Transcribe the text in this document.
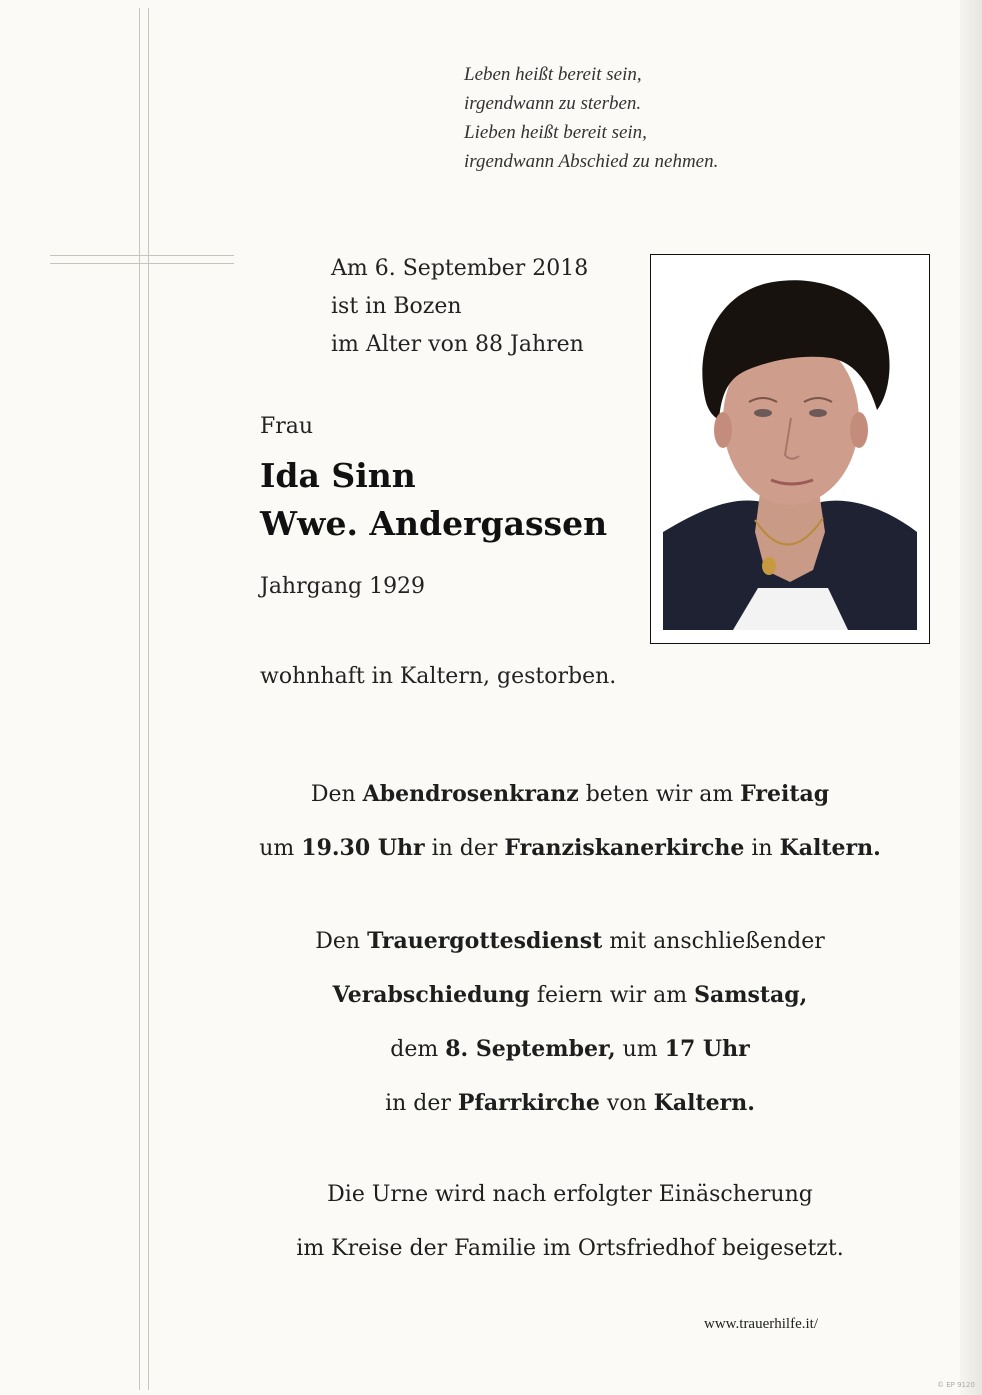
Leben heißt bereit sein,
irgendwann zu sterben.
Lieben heißt bereit sein,
irgendwann Abschied zu nehmen.
Am 6. September 2018
ist in Bozen
im Alter von 88 Jahren
Frau
Ida Sinn
Wwe. Andergassen
Jahrgang 1929
wohnhaft in Kaltern, gestorben.
Den Abendrosenkranz beten wir am Freitag
um 19.30 Uhr in der Franziskanerkirche in Kaltern.
Den Trauergottesdienst mit anschließender
Verabschiedung feiern wir am Samstag,
dem 8. September, um 17 Uhr
in der Pfarrkirche von Kaltern.
Die Urne wird nach erfolgter Einäscherung
im Kreise der Familie im Ortsfriedhof beigesetzt.
www.trauerhilfe.it/
© EP 9120
